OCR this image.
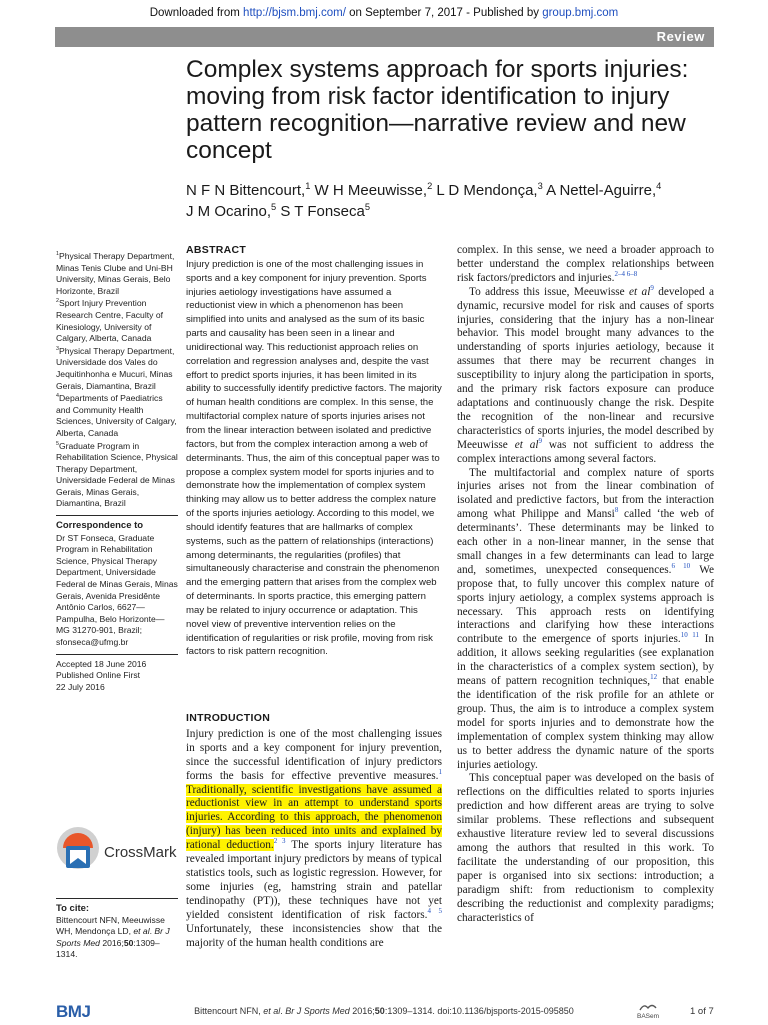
Downloaded from http://bjsm.bmj.com/ on September 7, 2017 - Published by group.bmj.com
Review
Complex systems approach for sports injuries: moving from risk factor identification to injury pattern recognition—narrative review and new concept
N F N Bittencourt,$^1$ W H Meeuwisse,$^2$ L D Mendonça,$^3$ A Nettel-Aguirre,$^4$
J M Ocarino,$^5$ S T Fonseca$^5$

$^1$Physical Therapy Department, Minas Tenis Clube and Uni-BH University, Minas Gerais, Belo Horizonte, Brazil

$^2$Sport Injury Prevention Research Centre, Faculty of Kinesiology, University of Calgary, Alberta, Canada

$^3$Physical Therapy Department, Universidade dos Vales do Jequitinhonha e Mucuri, Minas Gerais, Diamantina, Brazil

$^4$Departments of Paediatrics and Community Health Sciences, University of Calgary, Alberta, Canada

$^5$Graduate Program in Rehabilitation Science, Physical Therapy Department, Universidade Federal de Minas Gerais, Minas Gerais, Diamantina, Brazil

Correspondence to
Dr ST Fonseca, Graduate Program in Rehabilitation Science, Physical Therapy Department, Universidade Federal de Minas Gerais, Minas Gerais, Avenida Presidênte Antônio Carlos, 6627—Pampulha, Belo Horizonte—MG 31270-901, Brazil; sfonseca@ufmg.br
Accepted 18 June 2016
Published Online First
22 July 2016
ABSTRACT
Injury prediction is one of the most challenging issues in sports and a key component for injury prevention. Sports injuries aetiology investigations have assumed a reductionist view in which a phenomenon has been simplified into units and analysed as the sum of its basic parts and causality has been seen in a linear and unidirectional way. This reductionist approach relies on correlation and regression analyses and, despite the vast effort to predict sports injuries, it has been limited in its ability to successfully identify predictive factors. The majority of human health conditions are complex. In this sense, the multifactorial complex nature of sports injuries arises not from the linear interaction between isolated and predictive factors, but from the complex interaction among a web of determinants. Thus, the aim of this conceptual paper was to propose a complex system model for sports injuries and to demonstrate how the implementation of complex system thinking may allow us to better address the complex nature of the sports injuries aetiology. According to this model, we should identify features that are hallmarks of complex systems, such as the pattern of relationships (interactions) among determinants, the regularities (profiles) that simultaneously characterise and constrain the phenomenon and the emerging pattern that arises from the complex web of determinants. In sports practice, this emerging pattern may be related to injury occurrence or adaptation. This novel view of preventive intervention relies on the identification of regularities or risk profile, moving from risk factors to risk pattern recognition.
INTRODUCTION
Injury prediction is one of the most challenging issues in sports and a key component for injury prevention, since the successful identification of injury predictors forms the basis for effective preventive measures.$^1$ Traditionally, scientific investigations have assumed a reductionist view in an attempt to understand sports injuries. According to this approach, the phenomenon (injury) has been reduced into units and explained by rational deduction.$^{2 3}$ The sports injury literature has revealed important injury predictors by means of typical statistics tools, such as logistic regression. However, for some injuries (eg, hamstring strain and patellar tendinopathy (PT)), these techniques have not yet yielded consistent identification of risk factors.$^{4 5}$ Unfortunately, these inconsistencies show that the majority of the human health conditions are

complex. In this sense, we need a broader approach to better understand the complex relationships between risk factors/predictors and injuries.$^{2-4 6-8}$

To address this issue, Meeuwisse et al$^9$ developed a dynamic, recursive model for risk and causes of sports injuries, considering that the injury has a non-linear behavior. This model brought many advances to the understanding of sports injuries aetiology, because it assumes that there may be recurrent changes in susceptibility to injury along the participation in sports, and the primary risk factors exposure can produce adaptations and continuously change the risk. Despite the recognition of the non-linear and recursive characteristics of sports injuries, the model described by Meeuwisse et al$^9$ was not sufficient to address the complex interactions among several factors.

The multifactorial and complex nature of sports injuries arises not from the linear combination of isolated and predictive factors, but from the interaction among what Philippe and Mansi$^8$ called ‘the web of determinants’. These determinants may be linked to each other in a non-linear manner, in the sense that small changes in a few determinants can lead to large and, sometimes, unexpected consequences.$^{6 10}$ We propose that, to fully uncover this complex nature of sports injury aetiology, a complex systems approach is necessary. This approach rests on identifying interactions and clarifying how these interactions contribute to the emergence of sports injuries.$^{10 11}$ In addition, it allows seeking regularities (see explanation in the characteristics of a complex system section), by means of pattern recognition techniques,$^{12}$ that enable the identification of the risk profile for an athlete or group. Thus, the aim is to introduce a complex system model for sports injuries and to demonstrate how the implementation of complex system thinking may allow us to better address the dynamic nature of the sports injuries aetiology.

This conceptual paper was developed on the basis of reflections on the difficulties related to sports injuries prediction and how different areas are trying to solve similar problems. These reflections and subsequent exhaustive literature review led to several discussions among the authors that resulted in this work. To facilitate the understanding of our proposition, this paper is organised into six sections: introduction; a paradigm shift: from reductionism to complexity describing the reductionist and complexity paradigms; characteristics of

CrossMark
To cite:
Bittencourt NFN, Meeuwisse WH, Mendonça LD, et al. Br J Sports Med 2016;50:1309–1314.
BMJ	Bittencourt NFN, et al. Br J Sports Med 2016;50:1309–1314. doi:10.1136/bjsports-2015-095850
BASem	1 of 7
